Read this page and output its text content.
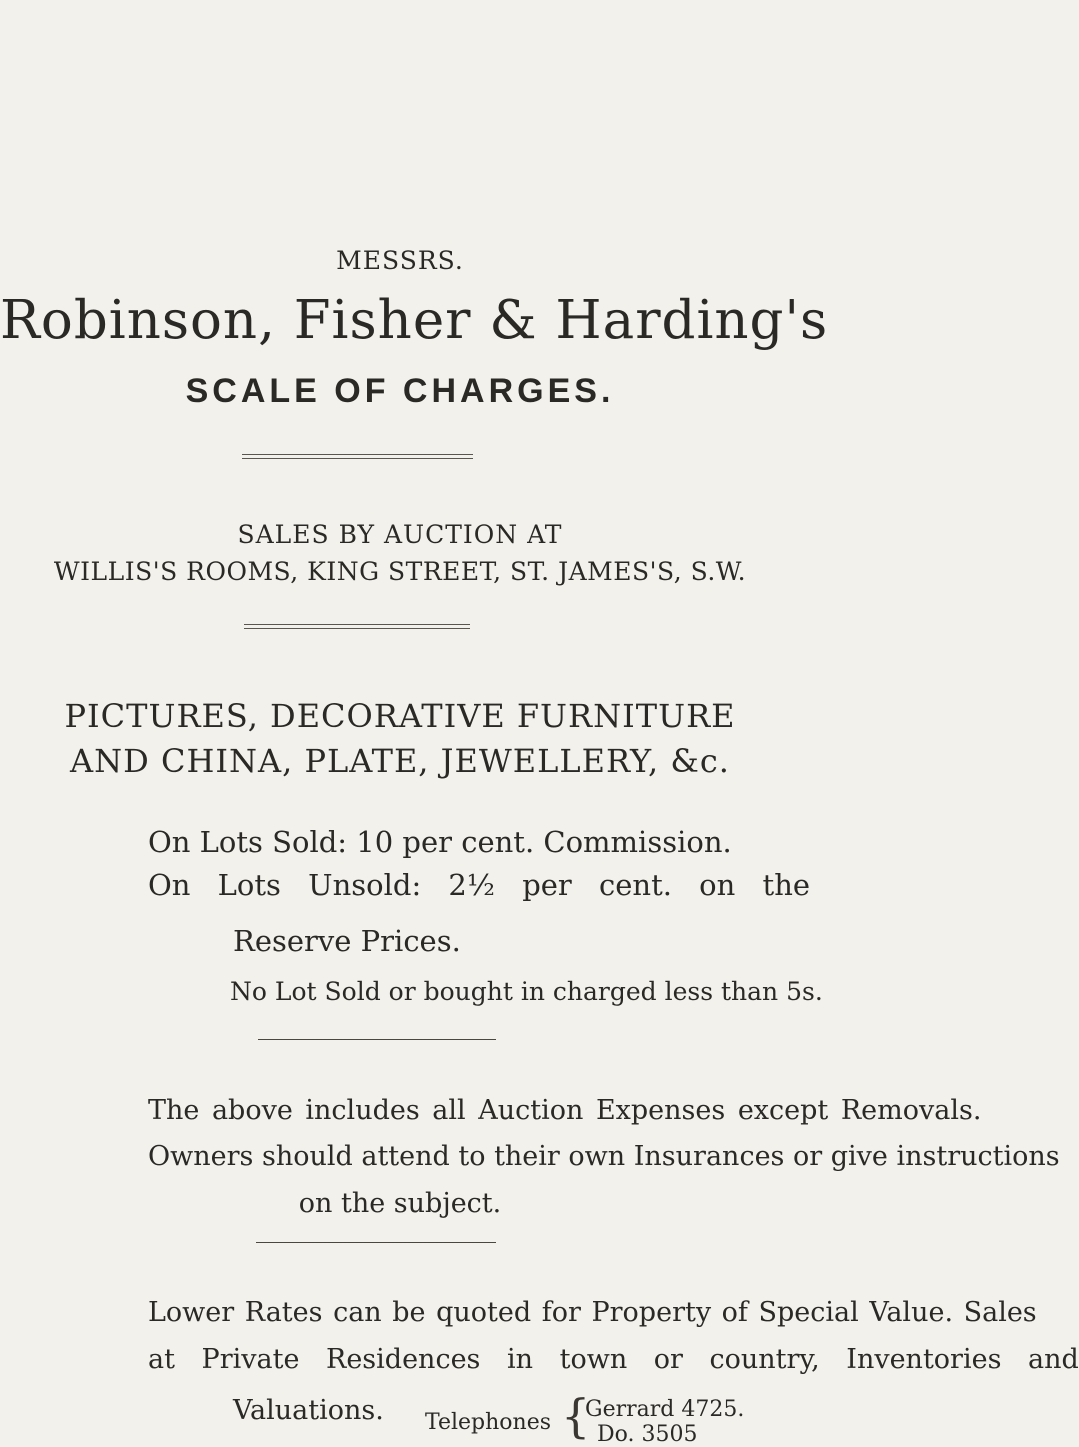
MESSRS.
Robinson, Fisher & Harding's
SCALE OF CHARGES.
SALES BY AUCTION AT
WILLIS'S ROOMS, KING STREET, ST. JAMES'S, S.W.
PICTURES, DECORATIVE FURNITURE
AND CHINA, PLATE, JEWELLERY, &c.
On Lots Sold: 10 per cent. Commission.
On Lots Unsold: 2½ per cent. on the
Reserve Prices.
No Lot Sold or bought in charged less than 5s.
The above includes all Auction Expenses except Removals.
Owners should attend to their own Insurances or give instructions
on the subject.
Lower Rates can be quoted for Property of Special Value. Sales
at Private Residences in town or country, Inventories and
Valuations. Telephones {
Gerrard 4725.
Do. 3505
